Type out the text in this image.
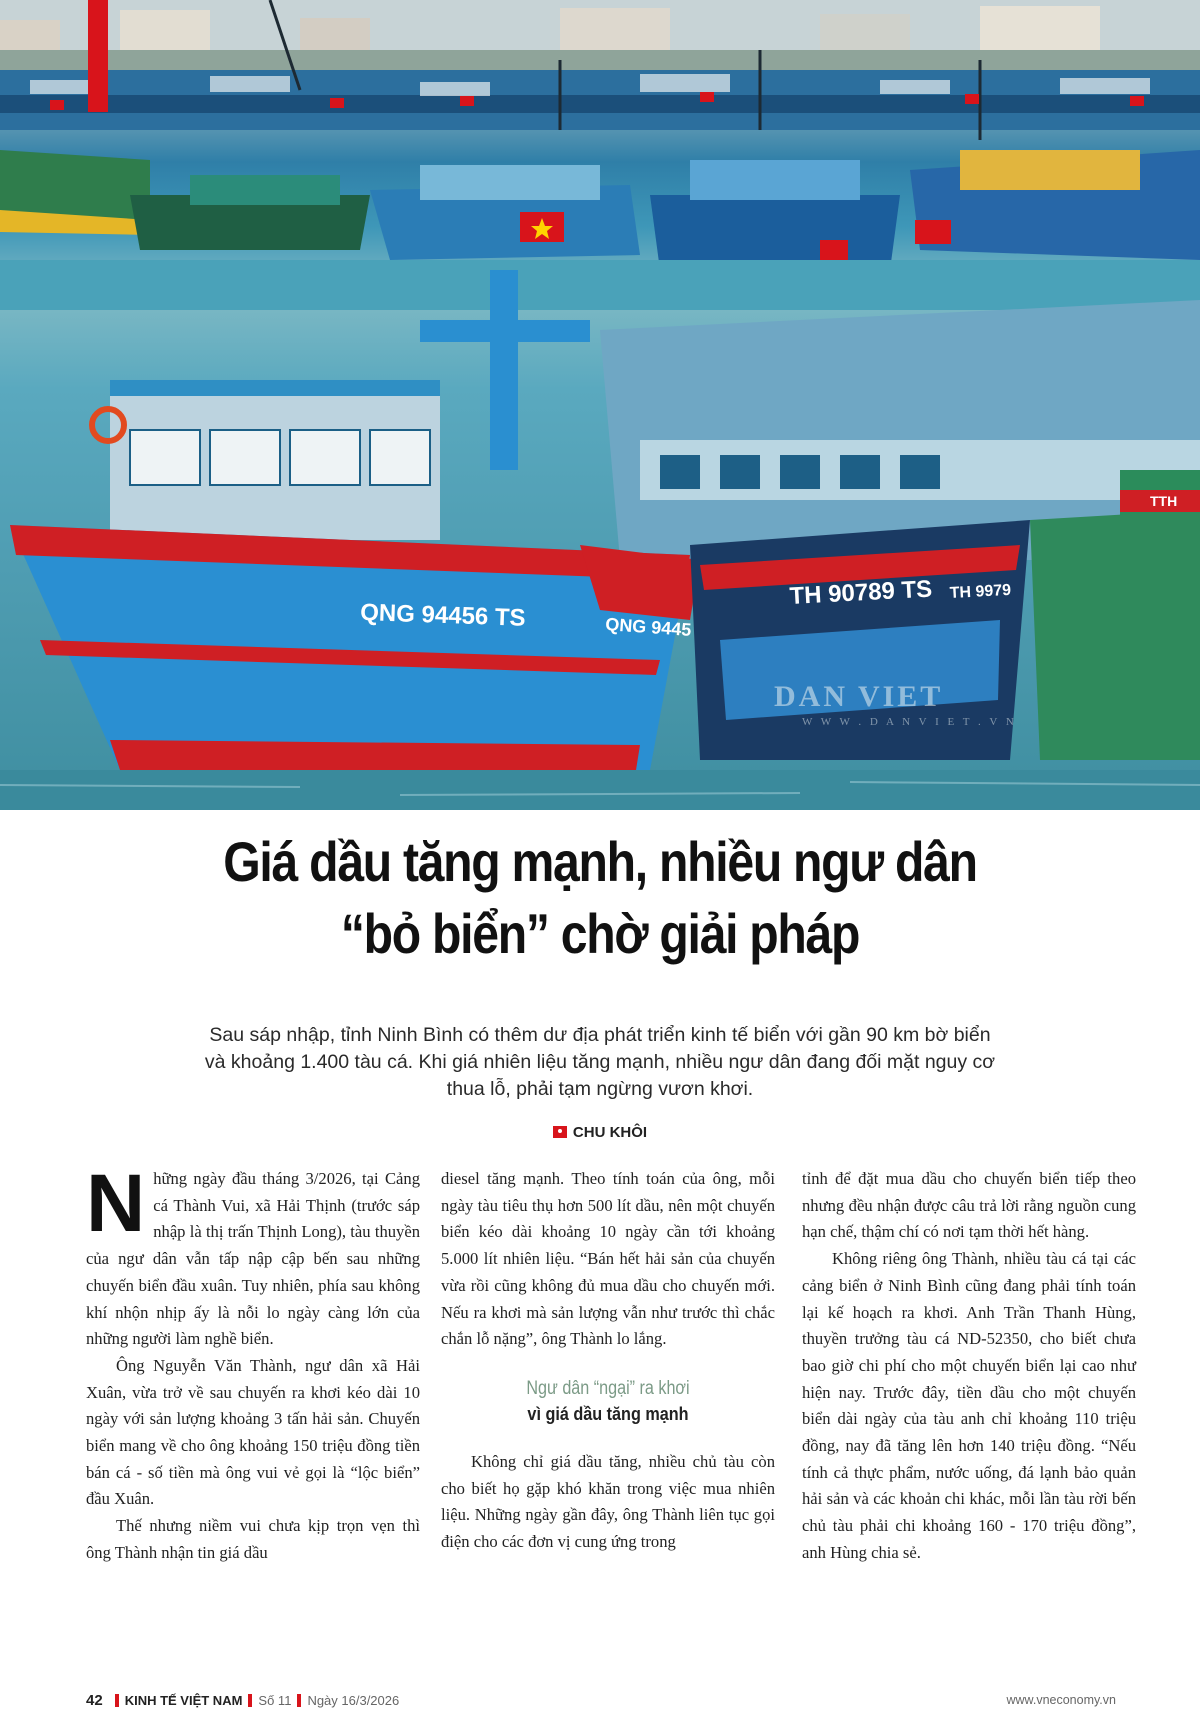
QNG 94456 TS	QNG 9445
TH 90789 TS TH 9979
TTH
DAN VIET
W W W . D A N V I E T . V N
Giá dầu tăng mạnh, nhiều ngư dân
“bỏ biển” chờ giải pháp

Sau sáp nhập, tỉnh Ninh Bình có thêm dư địa phát triển kinh tế biển với gần 90 km bờ biển và khoảng 1.400 tàu cá. Khi giá nhiên liệu tăng mạnh, nhiều ngư dân đang đối mặt nguy cơ thua lỗ, phải tạm ngừng vươn khơi.

CHU KHÔI

Những ngày đầu tháng 3/2026, tại Cảng cá Thành Vui, xã Hải Thịnh (trước sáp nhập là thị trấn Thịnh Long), tàu thuyền của ngư dân vẫn tấp nập cập bến sau những chuyến biển đầu xuân. Tuy nhiên, phía sau không khí nhộn nhịp ấy là nỗi lo ngày càng lớn của những người làm nghề biển.

Ông Nguyễn Văn Thành, ngư dân xã Hải Xuân, vừa trở về sau chuyến ra khơi kéo dài 10 ngày với sản lượng khoảng 3 tấn hải sản. Chuyến biển mang về cho ông khoảng 150 triệu đồng tiền bán cá - số tiền mà ông vui vẻ gọi là “lộc biển” đầu Xuân.

Thế nhưng niềm vui chưa kịp trọn vẹn thì ông Thành nhận tin giá dầu

diesel tăng mạnh. Theo tính toán của ông, mỗi ngày tàu tiêu thụ hơn 500 lít dầu, nên một chuyến biển kéo dài khoảng 10 ngày cần tới khoảng 5.000 lít nhiên liệu. “Bán hết hải sản của chuyến vừa rồi cũng không đủ mua dầu cho chuyến mới. Nếu ra khơi mà sản lượng vẫn như trước thì chắc chắn lỗ nặng”, ông Thành lo lắng.

Ngư dân “ngại” ra khơi
vì giá dầu tăng mạnh

Không chỉ giá dầu tăng, nhiều chủ tàu còn cho biết họ gặp khó khăn trong việc mua nhiên liệu. Những ngày gần đây, ông Thành liên tục gọi điện cho các đơn vị cung ứng trong

tỉnh để đặt mua dầu cho chuyến biển tiếp theo nhưng đều nhận được câu trả lời rằng nguồn cung hạn chế, thậm chí có nơi tạm thời hết hàng.

Không riêng ông Thành, nhiều tàu cá tại các cảng biển ở Ninh Bình cũng đang phải tính toán lại kế hoạch ra khơi. Anh Trần Thanh Hùng, thuyền trưởng tàu cá ND-52350, cho biết chưa bao giờ chi phí cho một chuyến biển lại cao như hiện nay. Trước đây, tiền dầu cho một chuyến biển dài ngày của tàu anh chỉ khoảng 110 triệu đồng, nay đã tăng lên hơn 140 triệu đồng. “Nếu tính cả thực phẩm, nước uống, đá lạnh bảo quản hải sản và các khoản chi khác, mỗi lần tàu rời bến chủ tàu phải chi khoảng 160 - 170 triệu đồng”, anh Hùng chia sẻ.

42 KINH TẾ VIỆT NAM Số 11 Ngày 16/3/2026	www.vneconomy.vn
